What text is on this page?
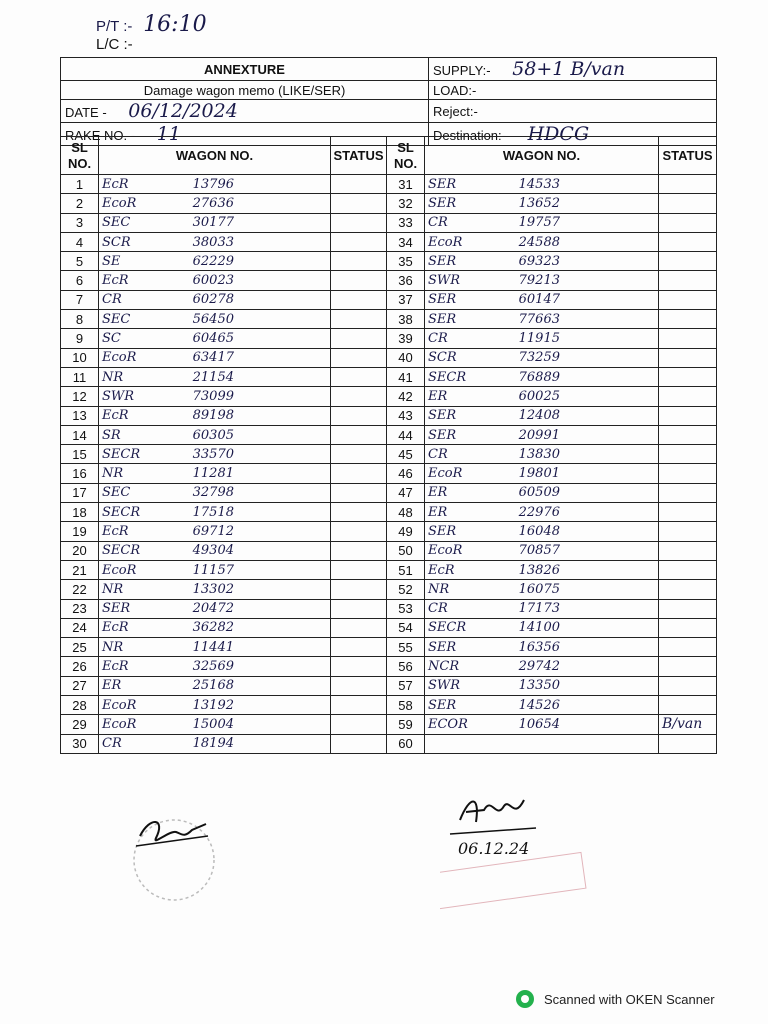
P/T :- 16:10
L/C :-
ANNEXTURE	SUPPLY:- 58+1 B/van
Damage wagon memo (LIKE/SER)	LOAD:-
DATE - 06/12/2024	Reject:-
RAKE NO. - 11	Destination:- HDCG
SL NO.	WAGON NO.	STATUS	SL NO.	WAGON NO.	STATUS
1	EcR 13796		31	SER 14533	
2	EcoR 27636		32	SER 13652	
3	SEC 30177		33	CR 19757	
4	SCR 38033		34	EcoR 24588	
5	SE 62229		35	SER 69323	
6	EcR 60023		36	SWR 79213	
7	CR 60278		37	SER 60147	
8	SEC 56450		38	SER 77663	
9	SC 60465		39	CR 11915	
10	EcoR 63417		40	SCR 73259	
11	NR 21154		41	SECR 76889	
12	SWR 73099		42	ER 60025	
13	EcR 89198		43	SER 12408	
14	SR 60305		44	SER 20991	
15	SECR 33570		45	CR 13830	
16	NR 11281		46	EcoR 19801	
17	SEC 32798		47	ER 60509	
18	SECR 17518		48	ER 22976	
19	EcR 69712		49	SER 16048	
20	SECR 49304		50	EcoR 70857	
21	EcoR 11157		51	EcR 13826	
22	NR 13302		52	NR 16075	
23	SER 20472		53	CR 17173	
24	EcR 36282		54	SECR 14100	
25	NR 11441		55	SER 16356	
26	EcR 32569		56	NCR 29742	
27	ER 25168		57	SWR 13350	
28	EcoR 13192		58	SER 14526	
29	EcoR 15004		59	ECOR 10654	B/van
30	CR 18194		60		
06.12.24
Scanned with OKEN Scanner
